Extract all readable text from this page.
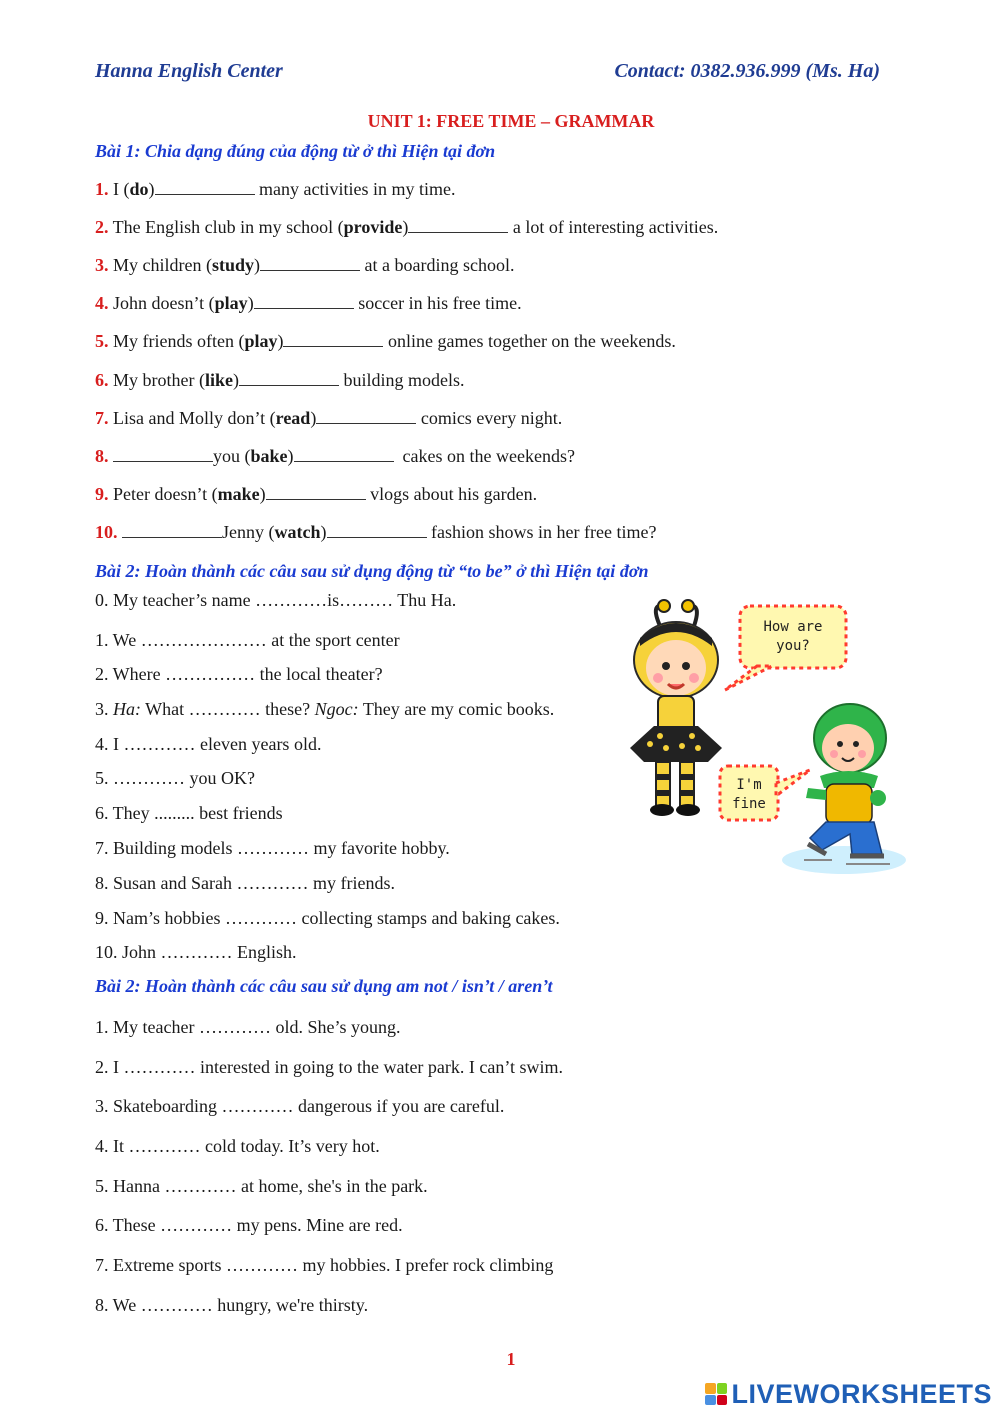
Hanna English Center	Contact: 0382.936.999 (Ms. Ha)
UNIT 1: FREE TIME – GRAMMAR

Bài 1: Chia dạng đúng của động từ ở thì Hiện tại đơn

1. I (do)	many activities in my time.

2. The English club in my school (provide)	a lot of interesting activities.

3. My children (study)	at a boarding school.

4. John doesn’t (play)	soccer in his free time.

5. My friends often (play)	online games together on the weekends.

6. My brother (like)	building models.

7. Lisa and Molly don’t (read)	comics every night.

8.	you (bake)	cakes on the weekends?

9. Peter doesn’t (make)	vlogs about his garden.

10.	Jenny (watch)	fashion shows in her free time?

Bài 2: Hoàn thành các câu sau sử dụng động từ “to be” ở thì Hiện tại đơn

0. My teacher’s name …………is……… Thu Ha.

1. We ………………… at the sport center

2. Where …………… the local theater?

3. Ha: What ………… these? Ngoc: They are my comic books.

4. I ………… eleven years old.

5. ………… you OK?

6. They ......... best friends

7. Building models ………… my favorite hobby.

8. Susan and Sarah ………… my friends.

9. Nam’s hobbies ………… collecting stamps and baking cakes.

10. John ………… English.

How are
you?
I'm
fine

Bài 2: Hoàn thành các câu sau sử dụng am not / isn’t / aren’t

1. My teacher ………… old. She’s young.

2. I ………… interested in going to the water park. I can’t swim.

3. Skateboarding ………… dangerous if you are careful.

4. It ………… cold today. It’s very hot.

5. Hanna ………… at home, she's in the park.

6. These ………… my pens. Mine are red.

7. Extreme sports ………… my hobbies. I prefer rock climbing

8. We ………… hungry, we're thirsty.

1
LIVEWORKSHEETS
